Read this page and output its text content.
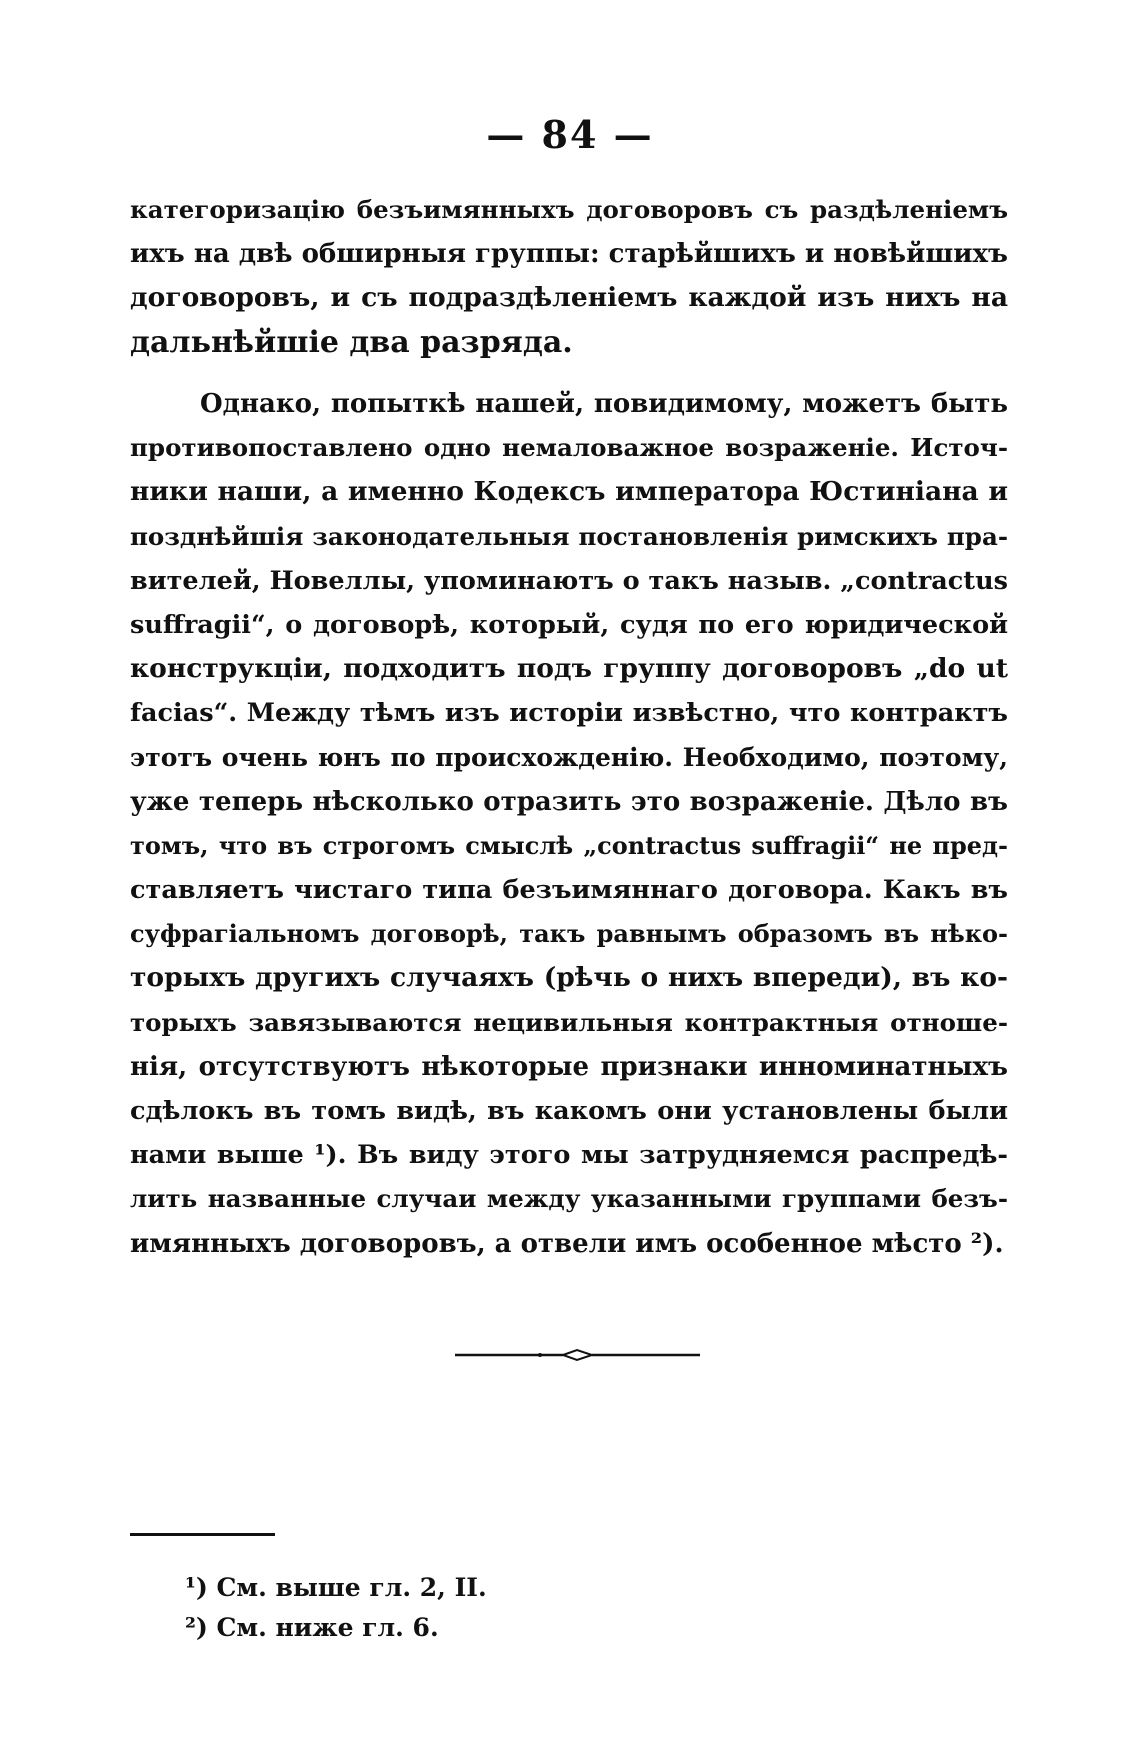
— 84 —
категоризацію безъимянныхъ договоровъ съ раздѣленіемъ
ихъ на двѣ обширныя группы: старѣйшихъ и новѣйшихъ
договоровъ, и съ подраздѣленіемъ каждой изъ нихъ на
дальнѣйшіе два разряда.
Однако, попыткѣ нашей, повидимому, можетъ быть
противопоставлено одно немаловажное возраженіе. Источ-
ники наши, а именно Кодексъ императора Юстиніана и
позднѣйшія законодательныя постановленія римскихъ пра-
вителей, Новеллы, упоминаютъ о такъ назыв. „contractus
suffragii“, о договорѣ, который, судя по его юридической
конструкціи, подходитъ подъ группу договоровъ „do ut
facias“. Между тѣмъ изъ исторіи извѣстно, что контрактъ
этотъ очень юнъ по происхожденію. Необходимо, поэтому,
уже теперь нѣсколько отразить это возраженіе. Дѣло въ
томъ, что въ строгомъ смыслѣ „contractus suffragii“ не пред-
ставляетъ чистаго типа безъимяннаго договора. Какъ въ
суфрагіальномъ договорѣ, такъ равнымъ образомъ въ нѣко-
торыхъ другихъ случаяхъ (рѣчь о нихъ впереди), въ ко-
торыхъ завязываются нецивильныя контрактныя отноше-
нія, отсутствуютъ нѣкоторые признаки инноминатныхъ
сдѣлокъ въ томъ видѣ, въ какомъ они установлены были
нами выше ¹). Въ виду этого мы затрудняемся распредѣ-
лить названные случаи между указанными группами безъ-
имянныхъ договоровъ, а отвели имъ особенное мѣсто ²).
¹) См. выше гл. 2, II.
²) См. ниже гл. 6.
